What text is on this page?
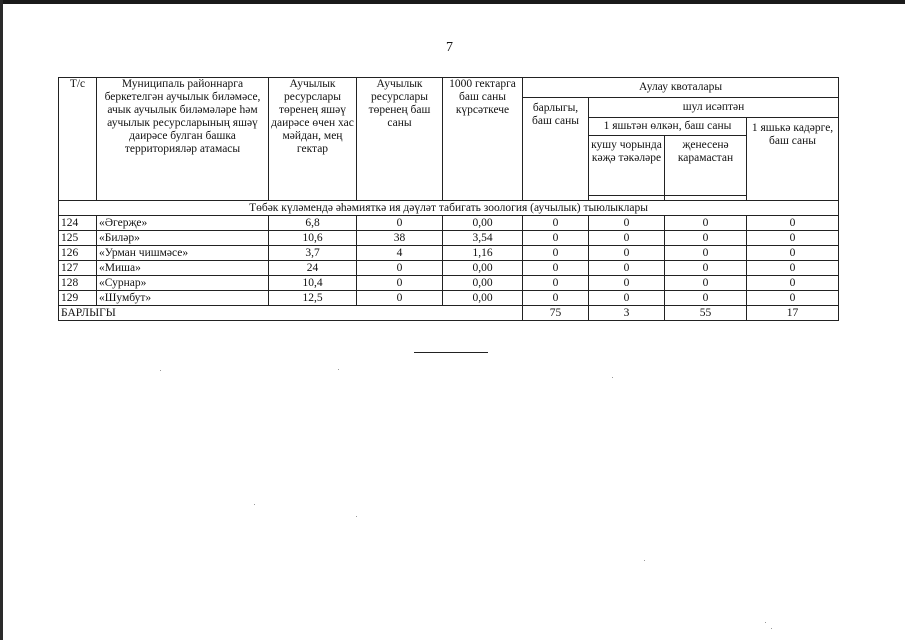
7
Т/с	Муниципаль районнарга беркетелгән аучылык биләмәсе, ачык аучылык биләмәләре һәм аучылык ресурсларының яшәү даирәсе булган башка территорияләр атамасы	Аучылык ресурслары төренең яшәү даирәсе өчен хас мәйдан, мең гектар	Аучылык ресурслары төренең баш саны	1000 гектарга баш саны күрсәткече	Аулау квоталары			
					барлыгы, баш саны	шул исәптән		
						1 яшьтән өлкән, баш саны		1 яшькә кадәрге, баш саны
						кушу чорында кәҗә тәкәләре	җенесенә карамастан	

Төбәк күләмендә әһәмияткә ия дәүләт табигать зоология (аучылык) тыюлыклары								
124	«Әгерҗе»	6,8	0	0,00	0	0	0	0
125	«Биләр»	10,6	38	3,54	0	0	0	0
126	«Урман чишмәсе»	3,7	4	1,16	0	0	0	0
127	«Миша»	24	0	0,00	0	0	0	0
128	«Сурнар»	10,4	0	0,00	0	0	0	0
129	«Шумбут»	12,5	0	0,00	0	0	0	0
БАРЛЫГЫ					75	3	55	17
